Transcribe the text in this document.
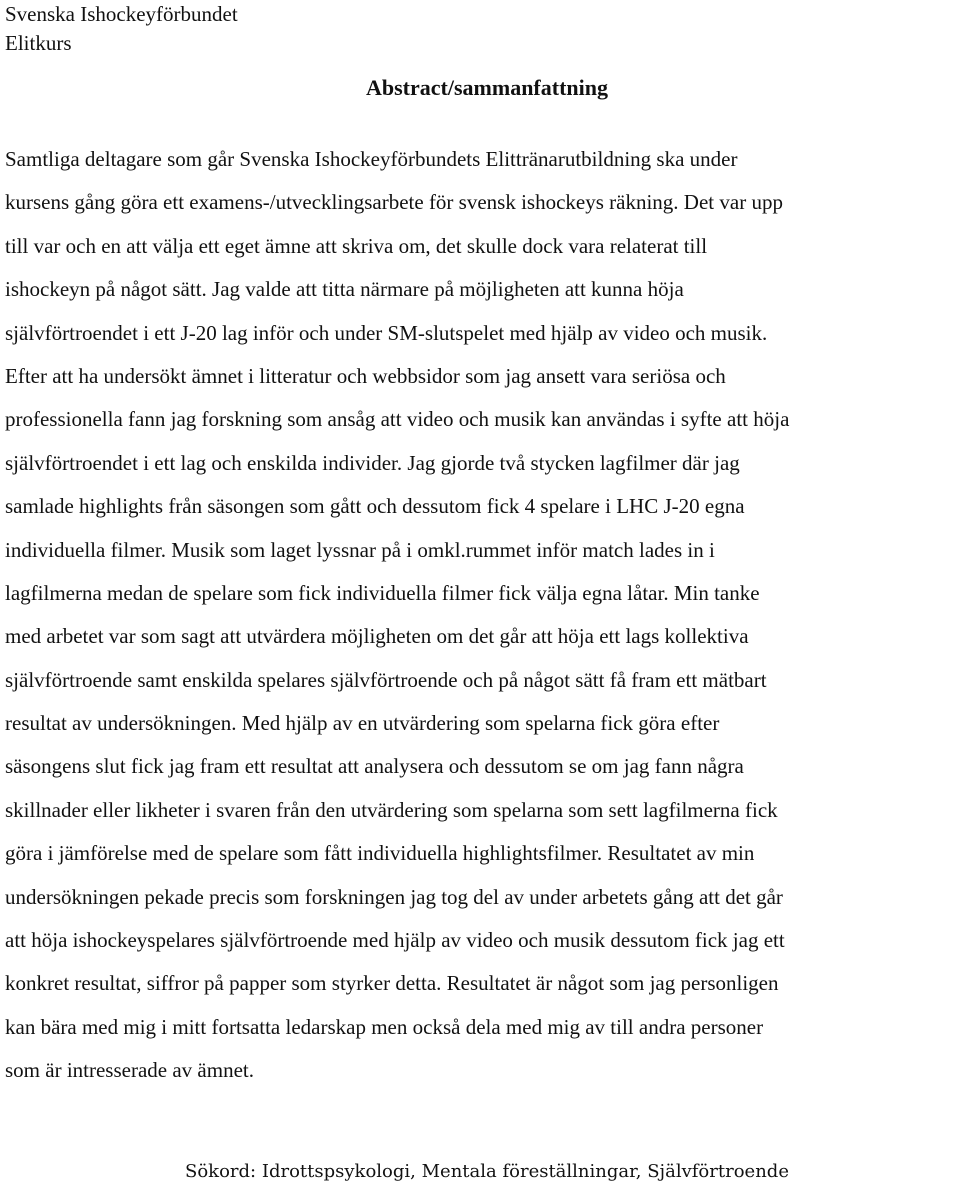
Svenska Ishockeyförbundet
Elitkurs
Abstract/sammanfattning
Samtliga deltagare som går Svenska Ishockeyförbundets Elittränarutbildning ska under
kursens gång göra ett examens-/utvecklingsarbete för svensk ishockeys räkning. Det var upp
till var och en att välja ett eget ämne att skriva om, det skulle dock vara relaterat till
ishockeyn på något sätt. Jag valde att titta närmare på möjligheten att kunna höja
självförtroendet i ett J-20 lag inför och under SM-slutspelet med hjälp av video och musik.
Efter att ha undersökt ämnet i litteratur och webbsidor som jag ansett vara seriösa och
professionella fann jag forskning som ansåg att video och musik kan användas i syfte att höja
självförtroendet i ett lag och enskilda individer. Jag gjorde två stycken lagfilmer där jag
samlade highlights från säsongen som gått och dessutom fick 4 spelare i LHC J-20 egna
individuella filmer. Musik som laget lyssnar på i omkl.rummet inför match lades in i
lagfilmerna medan de spelare som fick individuella filmer fick välja egna låtar. Min tanke
med arbetet var som sagt att utvärdera möjligheten om det går att höja ett lags kollektiva
självförtroende samt enskilda spelares självförtroende och på något sätt få fram ett mätbart
resultat av undersökningen. Med hjälp av en utvärdering som spelarna fick göra efter
säsongens slut fick jag fram ett resultat att analysera och dessutom se om jag fann några
skillnader eller likheter i svaren från den utvärdering som spelarna som sett lagfilmerna fick
göra i jämförelse med de spelare som fått individuella highlightsfilmer. Resultatet av min
undersökningen pekade precis som forskningen jag tog del av under arbetets gång att det går
att höja ishockeyspelares självförtroende med hjälp av video och musik dessutom fick jag ett
konkret resultat, siffror på papper som styrker detta. Resultatet är något som jag personligen
kan bära med mig i mitt fortsatta ledarskap men också dela med mig av till andra personer
som är intresserade av ämnet.
Sökord: Idrottspsykologi, Mentala föreställningar, Självförtroende
